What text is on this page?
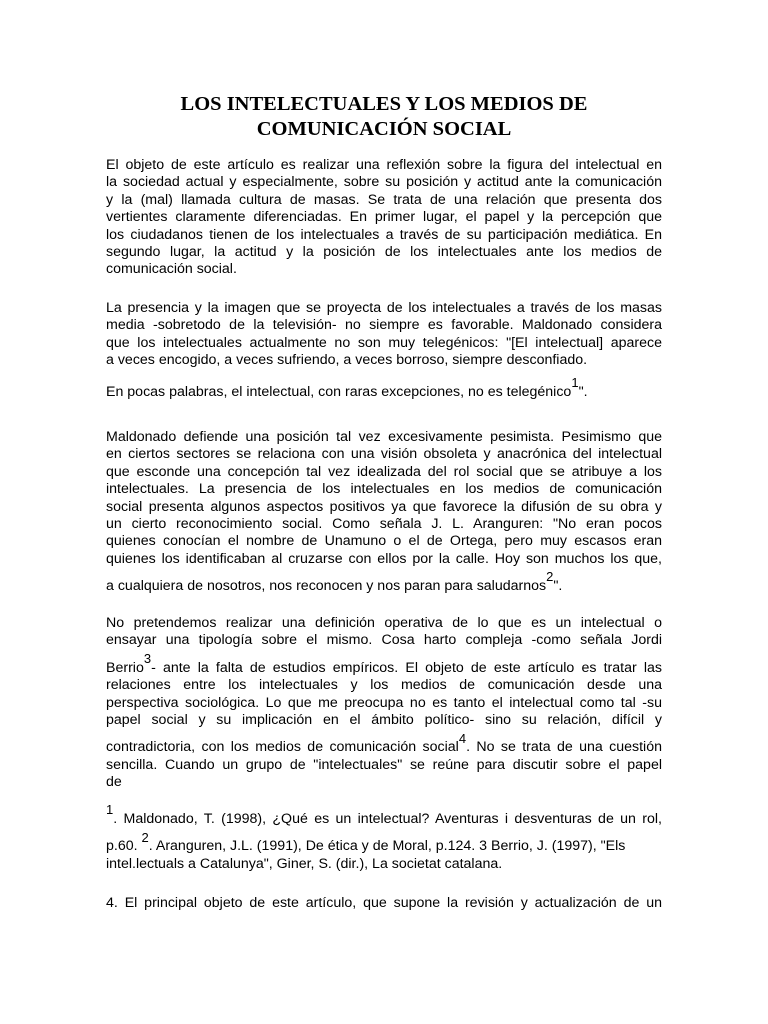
LOS INTELECTUALES Y LOS MEDIOS DE
COMUNICACIÓN SOCIAL
El objeto de este artículo es realizar una reflexión sobre la figura del intelectual en
la sociedad actual y especialmente, sobre su posición y actitud ante la comunicación
y la (mal) llamada cultura de masas. Se trata de una relación que presenta dos
vertientes claramente diferenciadas. En primer lugar, el papel y la percepción que
los ciudadanos tienen de los intelectuales a través de su participación mediática. En
segundo lugar, la actitud y la posición de los intelectuales ante los medios de
comunicación social.
La presencia y la imagen que se proyecta de los intelectuales a través de los masas
media -sobretodo de la televisión- no siempre es favorable. Maldonado considera
que los intelectuales actualmente no son muy telegénicos: "[El intelectual] aparece
a veces encogido, a veces sufriendo, a veces borroso, siempre desconfiado.
En pocas palabras, el intelectual, con raras excepciones, no es telegénico$^1$".
Maldonado defiende una posición tal vez excesivamente pesimista. Pesimismo que
en ciertos sectores se relaciona con una visión obsoleta y anacrónica del intelectual
que esconde una concepción tal vez idealizada del rol social que se atribuye a los
intelectuales. La presencia de los intelectuales en los medios de comunicación
social presenta algunos aspectos positivos ya que favorece la difusión de su obra y
un cierto reconocimiento social. Como señala J. L. Aranguren: "No eran pocos
quienes conocían el nombre de Unamuno o el de Ortega, pero muy escasos eran
quienes los identificaban al cruzarse con ellos por la calle. Hoy son muchos los que,
a cualquiera de nosotros, nos reconocen y nos paran para saludarnos$^2$".
No pretendemos realizar una definición operativa de lo que es un intelectual o
ensayar una tipología sobre el mismo. Cosa harto compleja -como señala Jordi
Berrio$^3$- ante la falta de estudios empíricos. El objeto de este artículo es tratar las
relaciones entre los intelectuales y los medios de comunicación desde una
perspectiva sociológica. Lo que me preocupa no es tanto el intelectual como tal -su
papel social y su implicación en el ámbito político- sino su relación, difícil y
contradictoria, con los medios de comunicación social$^4$. No se trata de una cuestión
sencilla. Cuando un grupo de "intelectuales" se reúne para discutir sobre el papel
de
$^1$. Maldonado, T. (1998), ¿Qué es un intelectual? Aventuras i desventuras de un rol,
p.60. $^2$. Aranguren, J.L. (1991), De ética y de Moral, p.124. 3 Berrio, J. (1997), "Els
intel.lectuals a Catalunya", Giner, S. (dir.), La societat catalana.
4. El principal objeto de este artículo, que supone la revisión y actualización de un
